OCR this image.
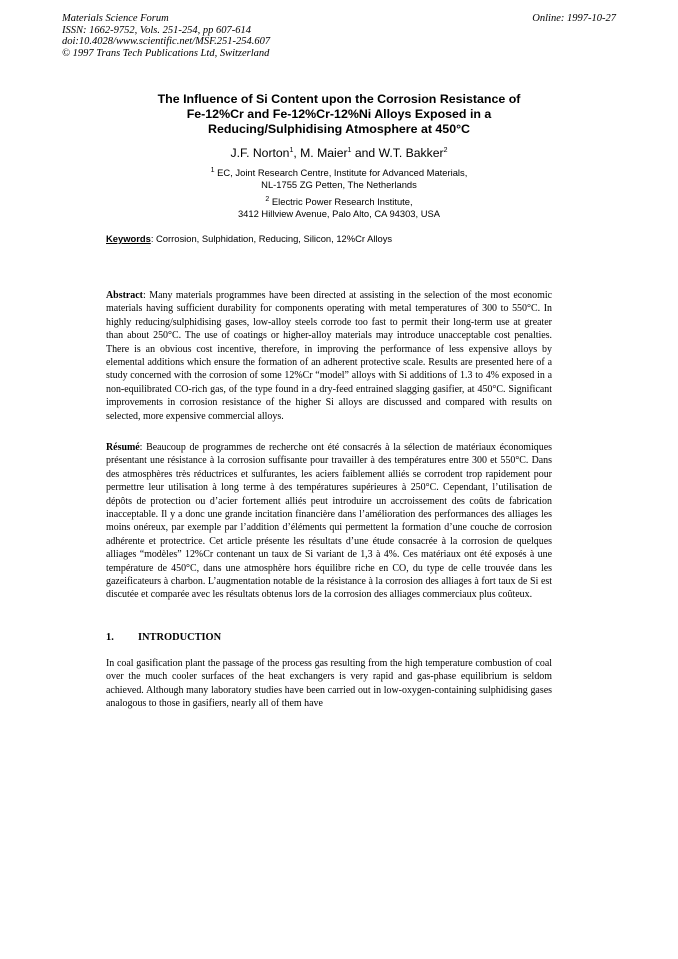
Materials Science Forum
ISSN: 1662-9752, Vols. 251-254, pp 607-614
doi:10.4028/www.scientific.net/MSF.251-254.607
© 1997 Trans Tech Publications Ltd, Switzerland
Online: 1997-10-27
The Influence of Si Content upon the Corrosion Resistance of
Fe-12%Cr and Fe-12%Cr-12%Ni Alloys Exposed in a
Reducing/Sulphidising Atmosphere at 450°C
J.F. Norton$^1$, M. Maier$^1$ and W.T. Bakker$^2$
$^1$ EC, Joint Research Centre, Institute for Advanced Materials,
NL-1755 ZG Petten, The Netherlands
$^2$ Electric Power Research Institute,
3412 Hillview Avenue, Palo Alto, CA 94303, USA
Keywords: Corrosion, Sulphidation, Reducing, Silicon, 12%Cr Alloys
Abstract: Many materials programmes have been directed at assisting in the selection of the most economic materials having sufficient durability for components operating with metal temperatures of 300 to 550°C. In highly reducing/sulphidising gases, low-alloy steels corrode too fast to permit their long-term use at greater than about 250°C. The use of coatings or higher-alloy materials may introduce unacceptable cost penalties. There is an obvious cost incentive, therefore, in improving the performance of less expensive alloys by elemental additions which ensure the formation of an adherent protective scale. Results are presented here of a study concerned with the corrosion of some 12%Cr “model” alloys with Si additions of 1.3 to 4% exposed in a non-equilibrated CO-rich gas, of the type found in a dry-feed entrained slagging gasifier, at 450°C. Significant improvements in corrosion resistance of the higher Si alloys are discussed and compared with results on selected, more expensive commercial alloys.
Résumé: Beaucoup de programmes de recherche ont été consacrés à la sélection de matériaux économiques présentant une résistance à la corrosion suffisante pour travailler à des températures entre 300 et 550°C. Dans des atmosphères très réductrices et sulfurantes, les aciers faiblement alliés se corrodent trop rapidement pour permettre leur utilisation à long terme à des températures supérieures à 250°C. Cependant, l’utilisation de dépôts de protection ou d’acier fortement alliés peut introduire un accroissement des coûts de fabrication inacceptable. Il y a donc une grande incitation financière dans l’amélioration des performances des alliages les moins onéreux, par exemple par l’addition d’éléments qui permettent la formation d’une couche de corrosion adhérente et protectrice. Cet article présente les résultats d’une étude consacrée à la corrosion de quelques alliages “modèles” 12%Cr contenant un taux de Si variant de 1,3 à 4%. Ces matériaux ont été exposés à une température de 450°C, dans une atmosphère hors équilibre riche en CO, du type de celle trouvée dans les gazeificateurs à charbon. L’augmentation notable de la résistance à la corrosion des alliages à fort taux de Si est discutée et comparée avec les résultats obtenus lors de la corrosion des alliages commerciaux plus coûteux.
1. INTRODUCTION
In coal gasification plant the passage of the process gas resulting from the high temperature combustion of coal over the much cooler surfaces of the heat exchangers is very rapid and gas-phase equilibrium is seldom achieved. Although many laboratory studies have been carried out in low-oxygen-containing sulphidising gases analogous to those in gasifiers, nearly all of them have
